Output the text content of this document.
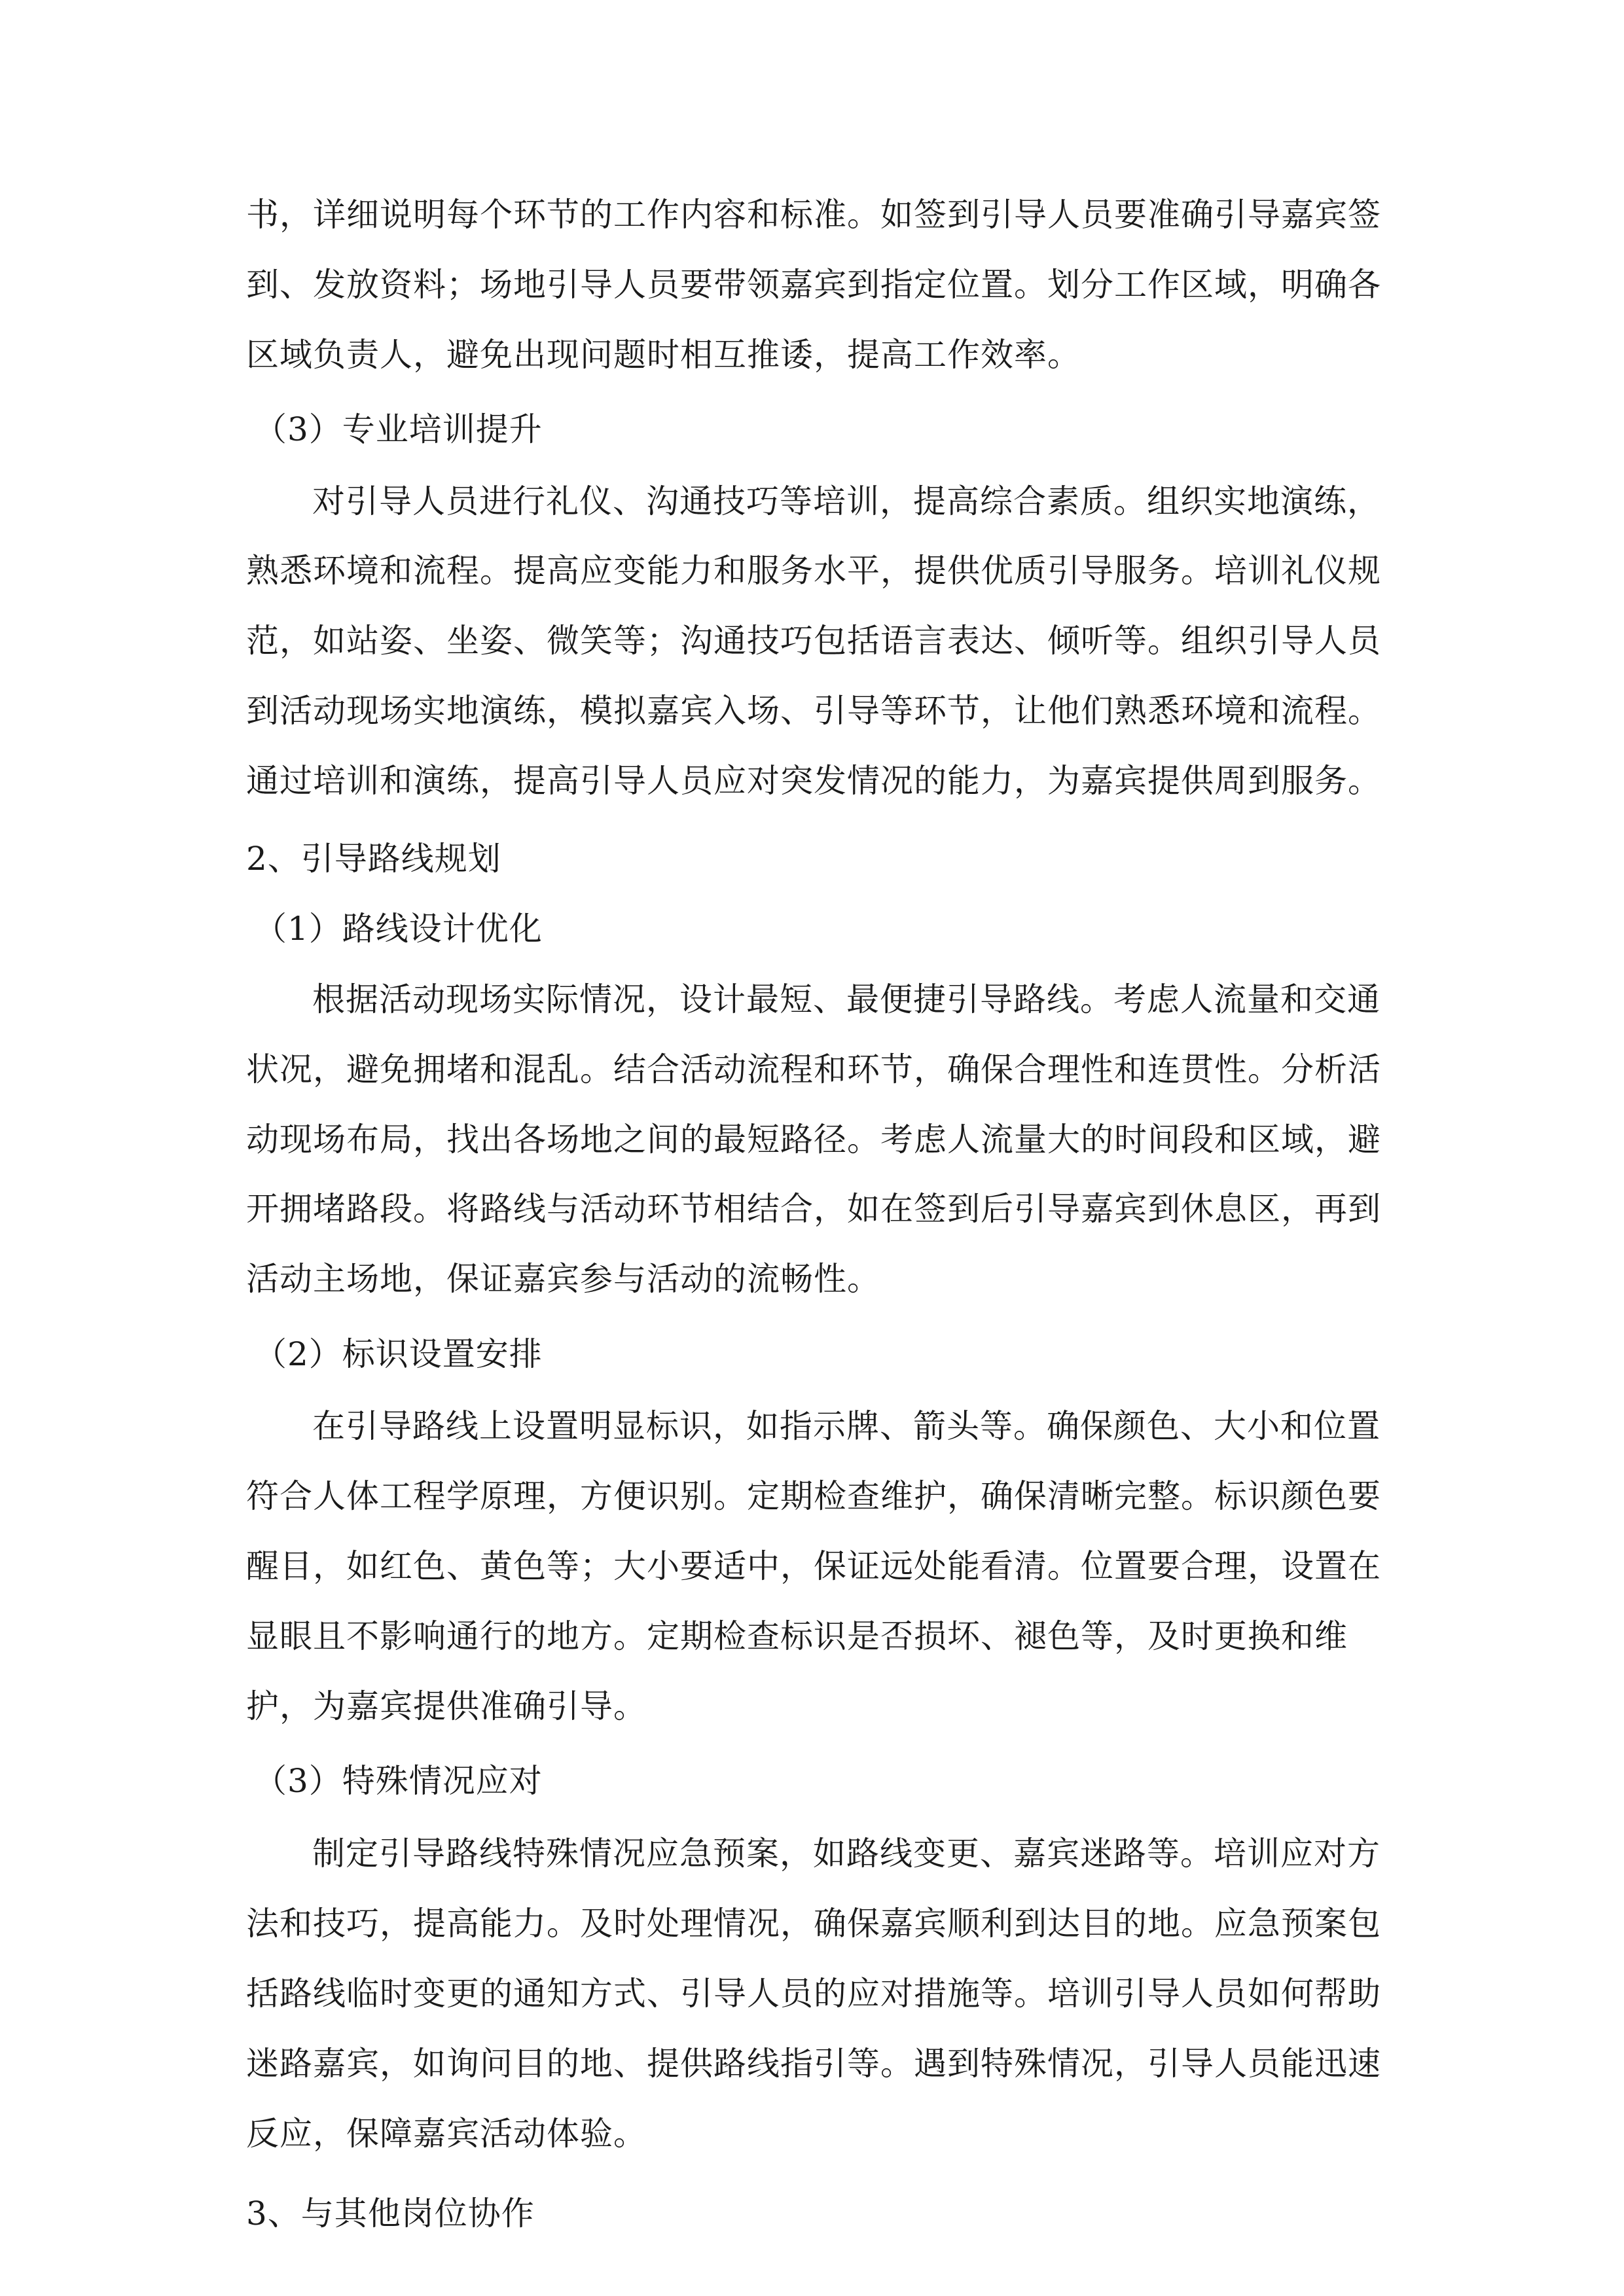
书，详细说明每个环节的工作内容和标准。如签到引导人员要准确引导嘉宾签
到、发放资料；场地引导人员要带领嘉宾到指定位置。划分工作区域，明确各
区域负责人，避免出现问题时相互推诿，提高工作效率。
（3）专业培训提升
对引导人员进行礼仪、沟通技巧等培训，提高综合素质。组织实地演练，
熟悉环境和流程。提高应变能力和服务水平，提供优质引导服务。培训礼仪规
范，如站姿、坐姿、微笑等；沟通技巧包括语言表达、倾听等。组织引导人员
到活动现场实地演练，模拟嘉宾入场、引导等环节，让他们熟悉环境和流程。
通过培训和演练，提高引导人员应对突发情况的能力，为嘉宾提供周到服务。
2、引导路线规划
（1）路线设计优化
根据活动现场实际情况，设计最短、最便捷引导路线。考虑人流量和交通
状况，避免拥堵和混乱。结合活动流程和环节，确保合理性和连贯性。分析活
动现场布局，找出各场地之间的最短路径。考虑人流量大的时间段和区域，避
开拥堵路段。将路线与活动环节相结合，如在签到后引导嘉宾到休息区，再到
活动主场地，保证嘉宾参与活动的流畅性。
（2）标识设置安排
在引导路线上设置明显标识，如指示牌、箭头等。确保颜色、大小和位置
符合人体工程学原理，方便识别。定期检查维护，确保清晰完整。标识颜色要
醒目，如红色、黄色等；大小要适中，保证远处能看清。位置要合理，设置在
显眼且不影响通行的地方。定期检查标识是否损坏、褪色等，及时更换和维
护，为嘉宾提供准确引导。
（3）特殊情况应对
制定引导路线特殊情况应急预案，如路线变更、嘉宾迷路等。培训应对方
法和技巧，提高能力。及时处理情况，确保嘉宾顺利到达目的地。应急预案包
括路线临时变更的通知方式、引导人员的应对措施等。培训引导人员如何帮助
迷路嘉宾，如询问目的地、提供路线指引等。遇到特殊情况，引导人员能迅速
反应，保障嘉宾活动体验。
3、与其他岗位协作
